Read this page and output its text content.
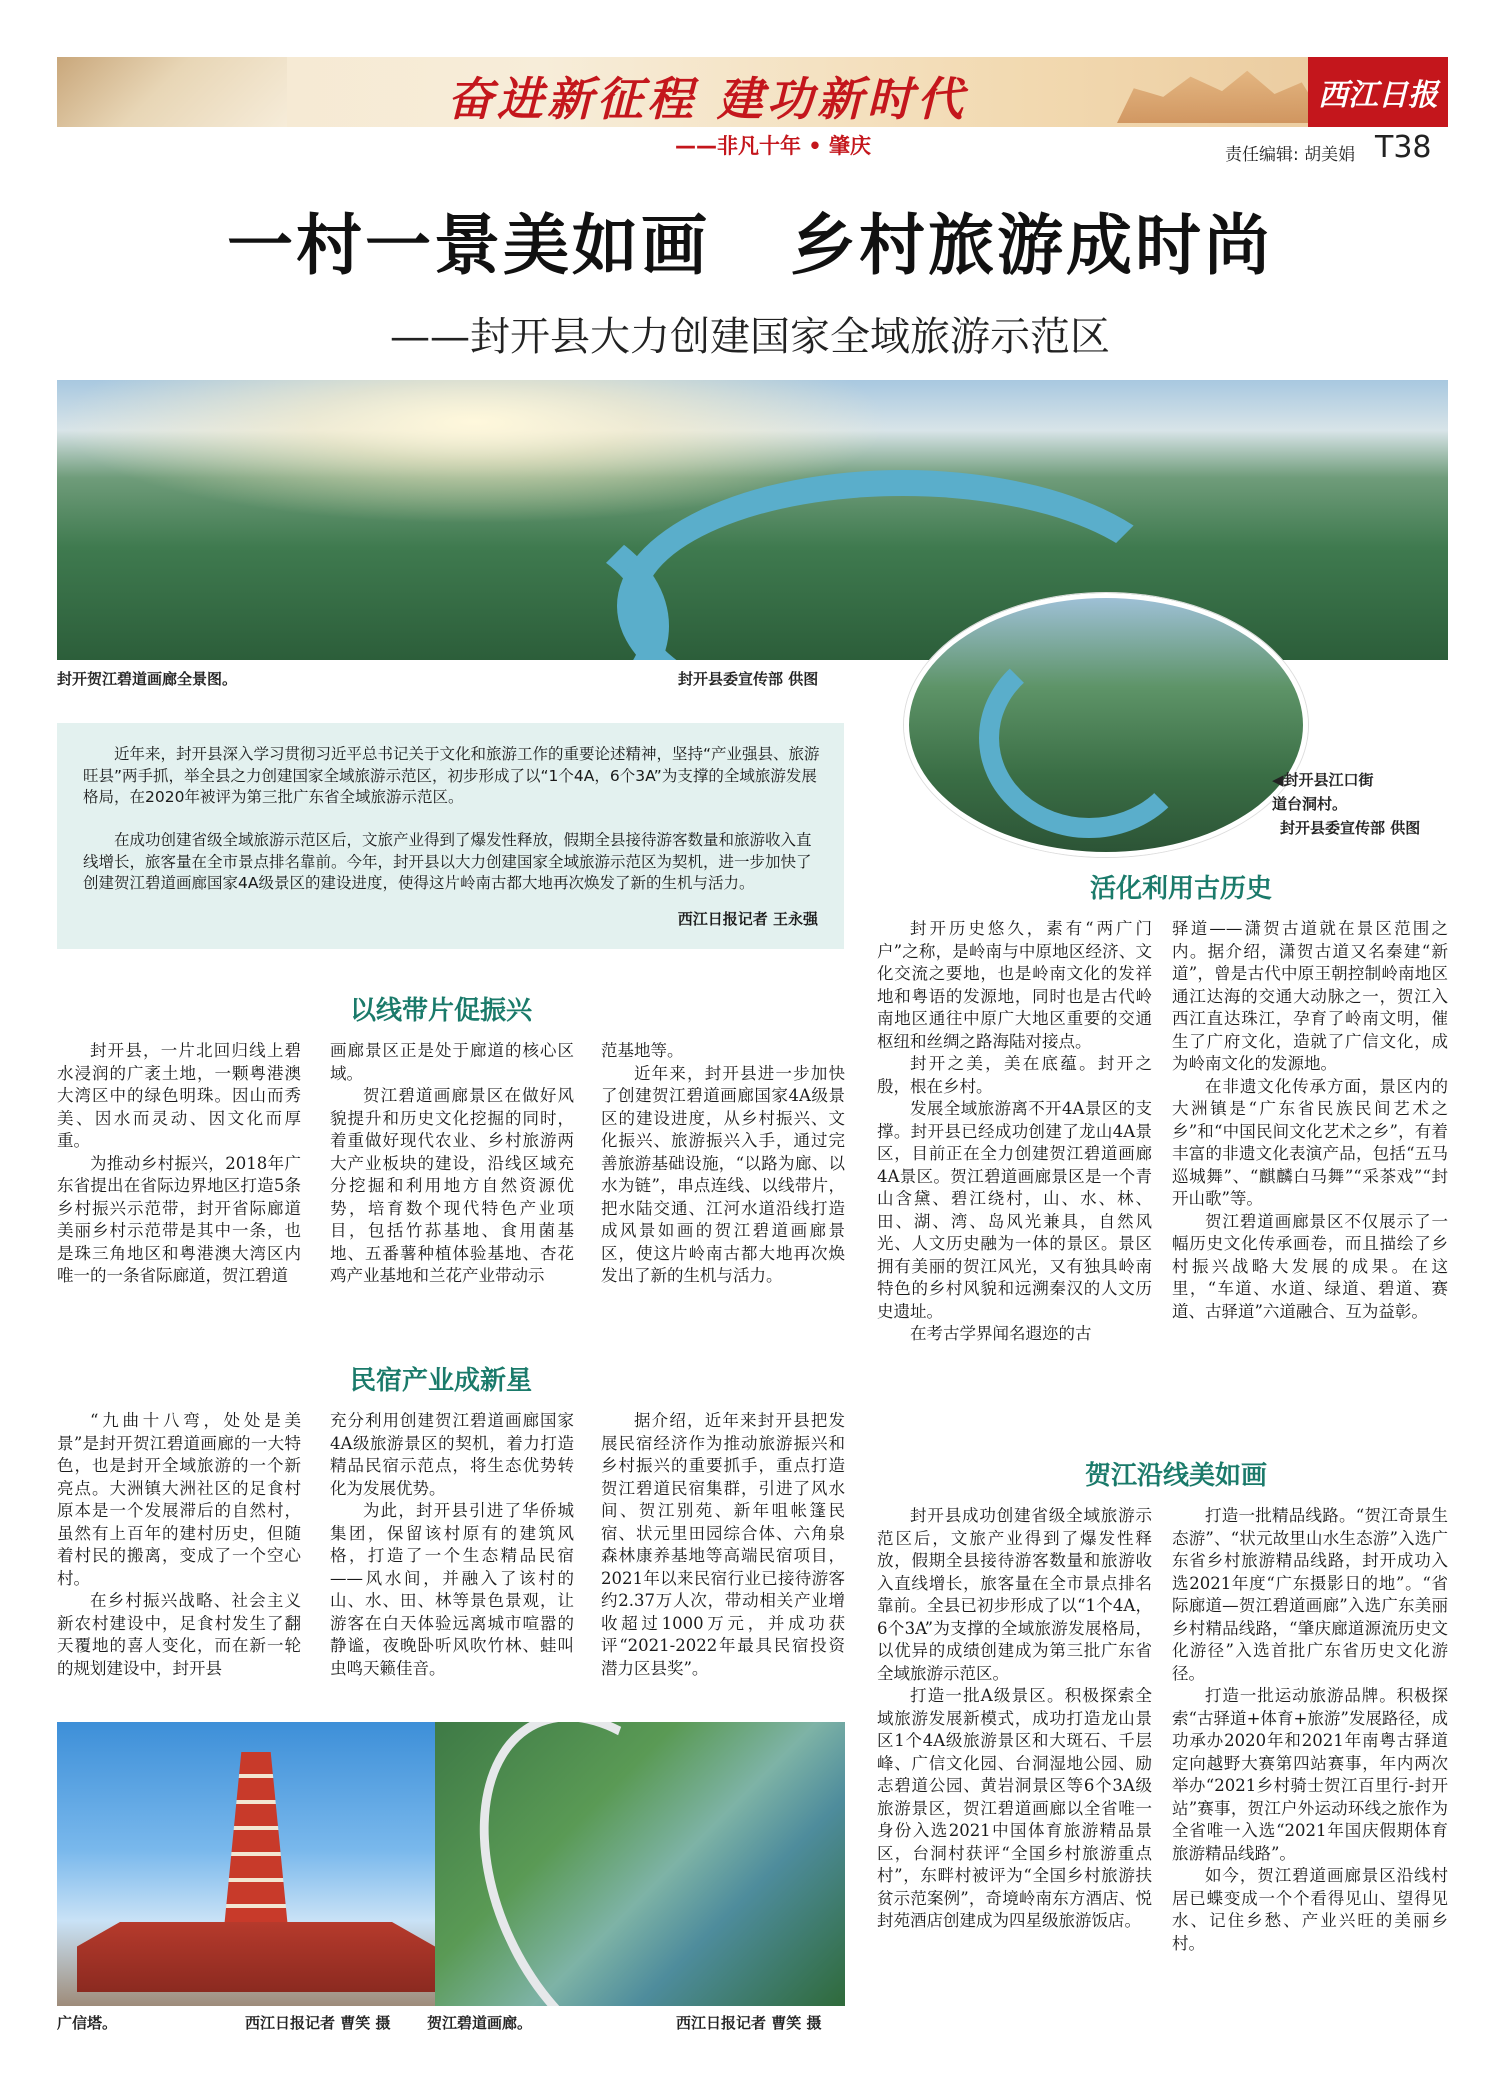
奋进新征程 建功新时代	西江日报
——非凡十年 • 肇庆	责任编辑: 胡美娟 T38
一村一景美如画 乡村旅游成时尚
——封开县大力创建国家全域旅游示范区
封开贺江碧道画廊全景图。	封开县委宣传部 供图
◀封开县江口街
道台洞村。
封开县委宣传部 供图

近年来，封开县深入学习贯彻习近平总书记关于文化和旅游工作的重要论述精神，坚持“产业强县、旅游旺县”两手抓，举全县之力创建国家全域旅游示范区，初步形成了以“1个4A，6个3A”为支撑的全域旅游发展格局，在2020年被评为第三批广东省全域旅游示范区。

在成功创建省级全域旅游示范区后，文旅产业得到了爆发性释放，假期全县接待游客数量和旅游收入直线增长，旅客量在全市景点排名靠前。今年，封开县以大力创建国家全域旅游示范区为契机，进一步加快了创建贺江碧道画廊国家4A级景区的建设进度，使得这片岭南古都大地再次焕发了新的生机与活力。

西江日报记者 王永强
以线带片促振兴

封开县，一片北回归线上碧水浸润的广袤土地，一颗粤港澳大湾区中的绿色明珠。因山而秀美、因水而灵动、因文化而厚重。

为推动乡村振兴，2018年广东省提出在省际边界地区打造5条乡村振兴示范带，封开省际廊道美丽乡村示范带是其中一条，也是珠三角地区和粤港澳大湾区内唯一的一条省际廊道，贺江碧道

画廊景区正是处于廊道的核心区域。

贺江碧道画廊景区在做好风貌提升和历史文化挖掘的同时，着重做好现代农业、乡村旅游两大产业板块的建设，沿线区域充分挖掘和利用地方自然资源优势，培育数个现代特色产业项目，包括竹荪基地、食用菌基地、五番薯种植体验基地、杏花鸡产业基地和兰花产业带动示

范基地等。

近年来，封开县进一步加快了创建贺江碧道画廊国家4A级景区的建设进度，从乡村振兴、文化振兴、旅游振兴入手，通过完善旅游基础设施，“以路为廊、以水为链”，串点连线、以线带片，把水陆交通、江河水道沿线打造成风景如画的贺江碧道画廊景区，使这片岭南古都大地再次焕发出了新的生机与活力。

民宿产业成新星

“九曲十八弯，处处是美景”是封开贺江碧道画廊的一大特色，也是封开全域旅游的一个新亮点。大洲镇大洲社区的足食村原本是一个发展滞后的自然村，虽然有上百年的建村历史，但随着村民的搬离，变成了一个空心村。

在乡村振兴战略、社会主义新农村建设中，足食村发生了翻天覆地的喜人变化，而在新一轮的规划建设中，封开县

充分利用创建贺江碧道画廊国家4A级旅游景区的契机，着力打造精品民宿示范点，将生态优势转化为发展优势。

为此，封开县引进了华侨城集团，保留该村原有的建筑风格，打造了一个生态精品民宿——风水间，并融入了该村的山、水、田、林等景色景观，让游客在白天体验远离城市喧嚣的静谧，夜晚卧听风吹竹林、蛙叫虫鸣天籁佳音。

据介绍，近年来封开县把发展民宿经济作为推动旅游振兴和乡村振兴的重要抓手，重点打造贺江碧道民宿集群，引进了风水间、贺江别苑、新年咀帐篷民宿、状元里田园综合体、六角泉森林康养基地等高端民宿项目，2021年以来民宿行业已接待游客约2.37万人次，带动相关产业增收超过1000万元，并成功获评“2021-2022年最具民宿投资潜力区县奖”。

活化利用古历史

封开历史悠久，素有“两广门户”之称，是岭南与中原地区经济、文化交流之要地，也是岭南文化的发祥地和粤语的发源地，同时也是古代岭南地区通往中原广大地区重要的交通枢纽和丝绸之路海陆对接点。

封开之美，美在底蕴。封开之殷，根在乡村。

发展全域旅游离不开4A景区的支撑。封开县已经成功创建了龙山4A景区，目前正在全力创建贺江碧道画廊4A景区。贺江碧道画廊景区是一个青山含黛、碧江绕村，山、水、林、田、湖、湾、岛风光兼具，自然风光、人文历史融为一体的景区。景区拥有美丽的贺江风光，又有独具岭南特色的乡村风貌和远溯秦汉的人文历史遗址。

在考古学界闻名遐迩的古

驿道——潇贺古道就在景区范围之内。据介绍，潇贺古道又名秦建“新道”，曾是古代中原王朝控制岭南地区通江达海的交通大动脉之一，贺江入西江直达珠江，孕育了岭南文明，催生了广府文化，造就了广信文化，成为岭南文化的发源地。

在非遗文化传承方面，景区内的大洲镇是“广东省民族民间艺术之乡”和“中国民间文化艺术之乡”，有着丰富的非遗文化表演产品，包括“五马巡城舞”、“麒麟白马舞”“采茶戏”“封开山歌”等。

贺江碧道画廊景区不仅展示了一幅历史文化传承画卷，而且描绘了乡村振兴战略大发展的成果。在这里，“车道、水道、绿道、碧道、赛道、古驿道”六道融合、互为益彰。

贺江沿线美如画

封开县成功创建省级全域旅游示范区后，文旅产业得到了爆发性释放，假期全县接待游客数量和旅游收入直线增长，旅客量在全市景点排名靠前。全县已初步形成了以“1个4A，6个3A”为支撑的全域旅游发展格局，以优异的成绩创建成为第三批广东省全域旅游示范区。

打造一批A级景区。积极探索全域旅游发展新模式，成功打造龙山景区1个4A级旅游景区和大斑石、千层峰、广信文化园、台洞湿地公园、励志碧道公园、黄岩洞景区等6个3A级旅游景区，贺江碧道画廊以全省唯一身份入选2021中国体育旅游精品景区，台洞村获评“全国乡村旅游重点村”，东畔村被评为“全国乡村旅游扶贫示范案例”，奇境岭南东方酒店、悦封苑酒店创建成为四星级旅游饭店。

打造一批精品线路。“贺江奇景生态游”、“状元故里山水生态游”入选广东省乡村旅游精品线路，封开成功入选2021年度“广东摄影日的地”。“省际廊道—贺江碧道画廊”入选广东美丽乡村精品线路，“肇庆廊道源流历史文化游径”入选首批广东省历史文化游径。

打造一批运动旅游品牌。积极探索“古驿道+体育+旅游”发展路径，成功承办2020年和2021年南粤古驿道定向越野大赛第四站赛事，年内两次举办“2021乡村骑士贺江百里行-封开站”赛事，贺江户外运动环线之旅作为全省唯一入选“2021年国庆假期体育旅游精品线路”。

如今，贺江碧道画廊景区沿线村居已蝶变成一个个看得见山、望得见水、记住乡愁、产业兴旺的美丽乡村。

广信塔。	西江日报记者 曹笑 摄 贺江碧道画廊。	西江日报记者 曹笑 摄
